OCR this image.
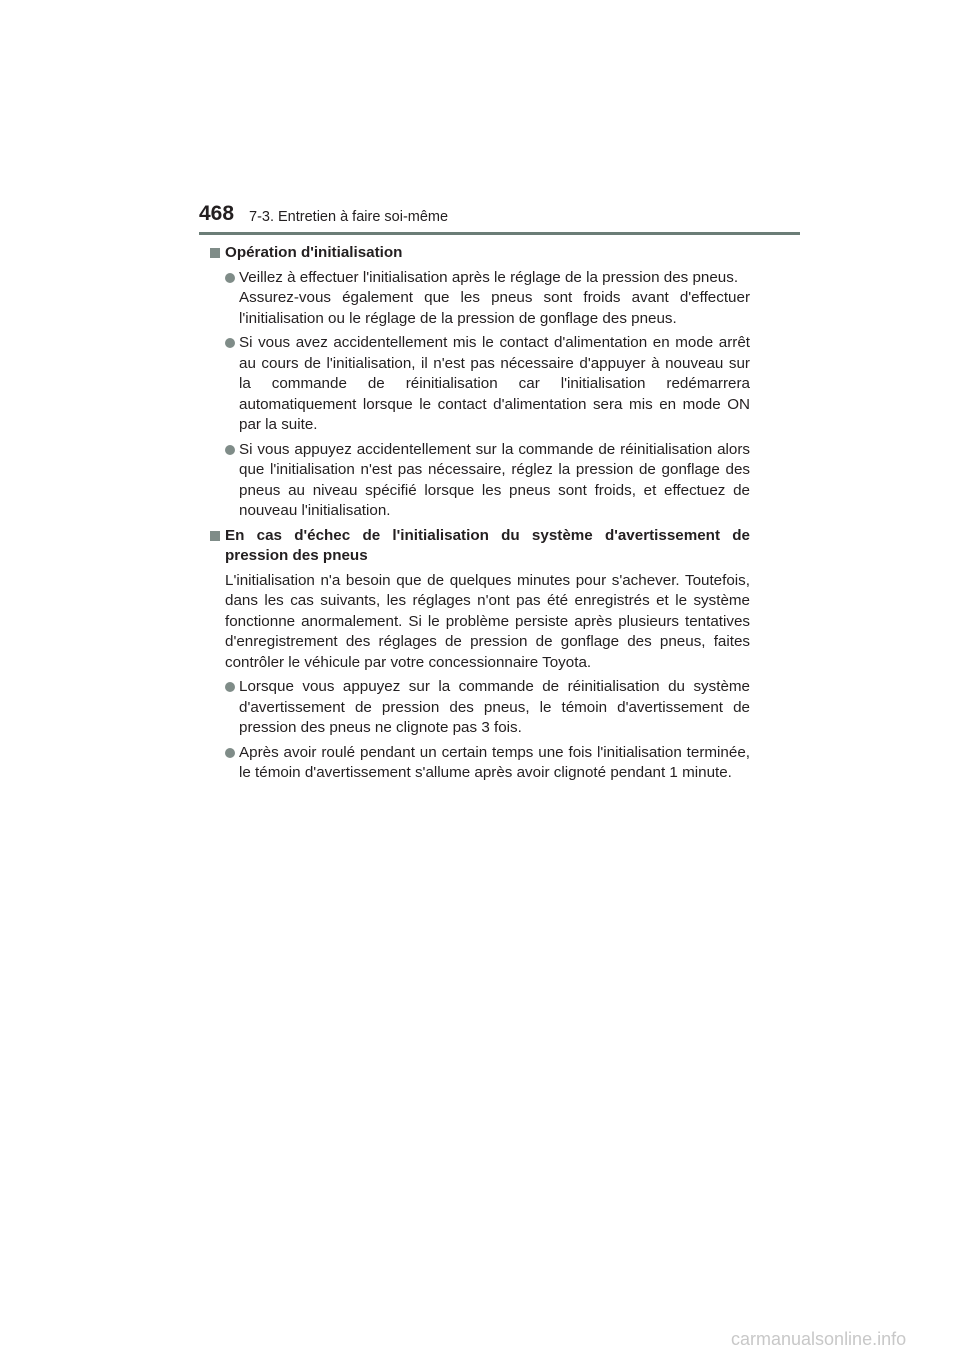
468 7-3. Entretien à faire soi-même
Opération d'initialisation
Veillez à effectuer l'initialisation après le réglage de la pression des pneus.
Assurez-vous également que les pneus sont froids avant d'effectuer l'initialisation ou le réglage de la pression de gonflage des pneus.
Si vous avez accidentellement mis le contact d'alimentation en mode arrêt au cours de l'initialisation, il n'est pas nécessaire d'appuyer à nouveau sur la commande de réinitialisation car l'initialisation redémarrera automatiquement lorsque le contact d'alimentation sera mis en mode ON par la suite.
Si vous appuyez accidentellement sur la commande de réinitialisation alors que l'initialisation n'est pas nécessaire, réglez la pression de gonflage des pneus au niveau spécifié lorsque les pneus sont froids, et effectuez de nouveau l'initialisation.
En cas d'échec de l'initialisation du système d'avertissement de pression des pneus
L'initialisation n'a besoin que de quelques minutes pour s'achever. Toutefois, dans les cas suivants, les réglages n'ont pas été enregistrés et le système fonctionne anormalement. Si le problème persiste après plusieurs tentatives d'enregistrement des réglages de pression de gonflage des pneus, faites contrôler le véhicule par votre concessionnaire Toyota.
Lorsque vous appuyez sur la commande de réinitialisation du système d'avertissement de pression des pneus, le témoin d'avertissement de pression des pneus ne clignote pas 3 fois.
Après avoir roulé pendant un certain temps une fois l'initialisation terminée, le témoin d'avertissement s'allume après avoir clignoté pendant 1 minute.
carmanualsonline.info
